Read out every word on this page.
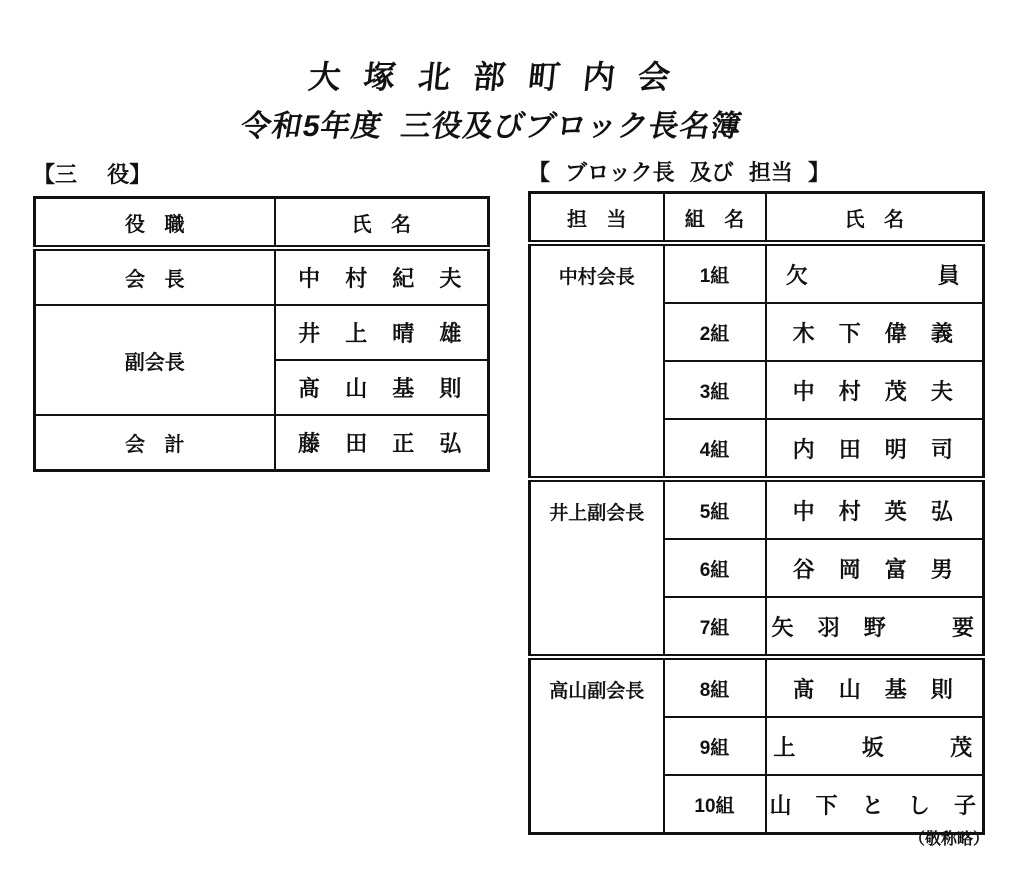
大 塚 北 部 町 内 会
令和5年度  三役及びブロック長名簿
【三  役】
役 職	氏 名
会 長	中 村 紀 夫
副会長	井 上 晴 雄
	髙 山 基 則
会 計	藤 田 正 弘
【 ブロック長 及び 担当 】
担 当	組 名	氏 名
中村会長	1組	欠      員
	2組	木 下 偉 義
	3組	中 村 茂 夫
	4組	内 田 明 司
井上副会長	5組	中 村 英 弘
	6組	谷 岡 富 男
	7組	矢 羽 野   要
高山副会長	8組	髙 山 基 則
	9組	上   坂   茂
	10組	山 下 と し 子
（敬称略）
